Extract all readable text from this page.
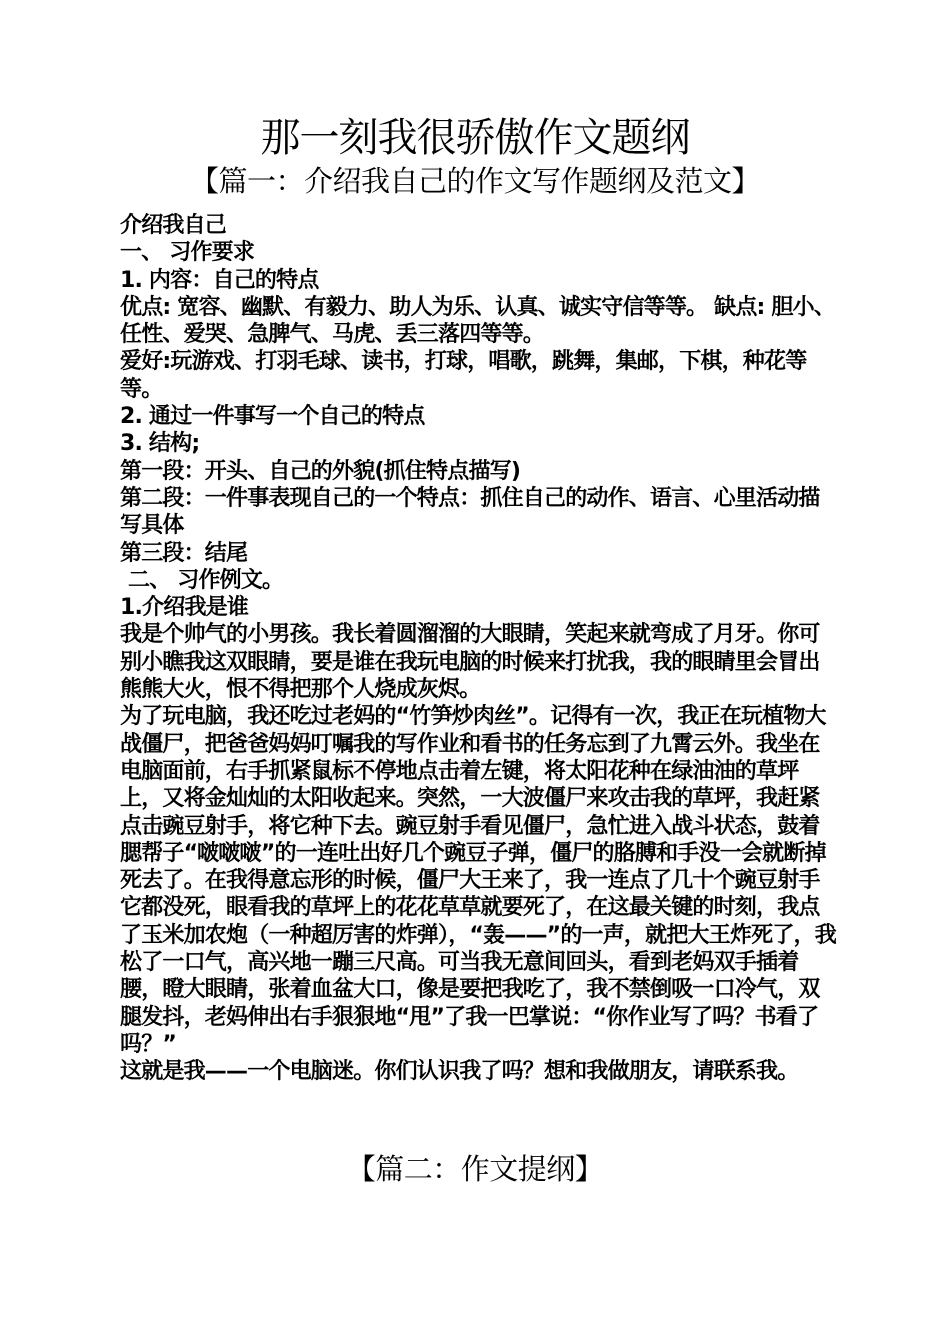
那一刻我很骄傲作文题纲
【篇一：介绍我自己的作文写作题纲及范文】

介绍我自己

一、 习作要求

1. 内容：自己的特点

优点: 宽容、幽默、有毅力、助人为乐、认真、诚实守信等等。 缺点: 胆小、任性、爱哭、急脾气、马虎、丢三落四等等。

爱好:玩游戏、打羽毛球、读书，打球，唱歌，跳舞，集邮，下棋，种花等等。

2. 通过一件事写一个自己的特点

3. 结构;

第一段：开头、自己的外貌(抓住特点描写)

第二段：一件事表现自己的一个特点：抓住自己的动作、语言、心里活动描写具体

第三段：结尾

二、 习作例文。

1.介绍我是谁

我是个帅气的小男孩。我长着圆溜溜的大眼睛，笑起来就弯成了月牙。你可别小瞧我这双眼睛，要是谁在我玩电脑的时候来打扰我，我的眼睛里会冒出熊熊大火，恨不得把那个人烧成灰烬。

为了玩电脑，我还吃过老妈的“竹笋炒肉丝”。记得有一次，我正在玩植物大战僵尸，把爸爸妈妈叮嘱我的写作业和看书的任务忘到了九霄云外。我坐在电脑面前，右手抓紧鼠标不停地点击着左键，将太阳花种在绿油油的草坪上，又将金灿灿的太阳收起来。突然，一大波僵尸来攻击我的草坪，我赶紧点击豌豆射手，将它种下去。豌豆射手看见僵尸，急忙进入战斗状态，鼓着腮帮子“啵啵啵”的一连吐出好几个豌豆子弹，僵尸的胳膊和手没一会就断掉死去了。在我得意忘形的时候，僵尸大王来了，我一连点了几十个豌豆射手它都没死，眼看我的草坪上的花花草草就要死了，在这最关键的时刻，我点了玉米加农炮（一种超厉害的炸弹），“轰——”的一声，就把大王炸死了，我松了一口气，高兴地一蹦三尺高。可当我无意间回头，看到老妈双手插着腰，瞪大眼睛，张着血盆大口，像是要把我吃了，我不禁倒吸一口冷气，双腿发抖，老妈伸出右手狠狠地“甩”了我一巴掌说：“你作业写了吗？书看了吗？”

这就是我——一个电脑迷。你们认识我了吗？想和我做朋友，请联系我。

【篇二：作文提纲】
